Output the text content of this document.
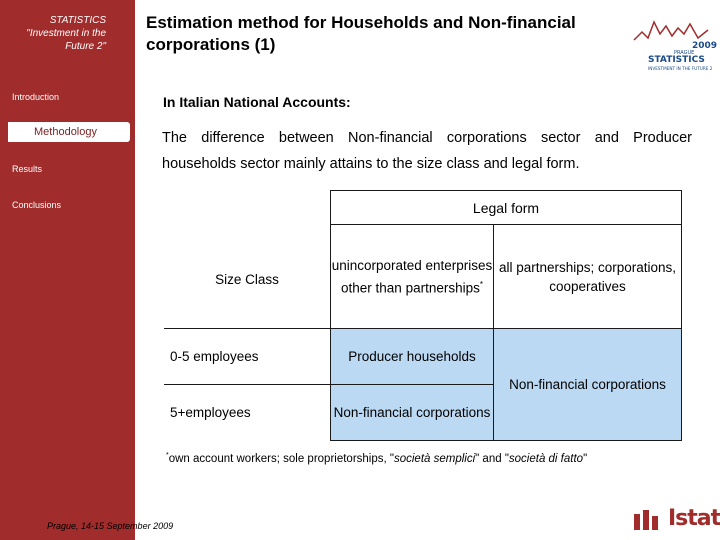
STATISTICS "Investment in the Future 2"
Introduction
Methodology
Results
Conclusions
Estimation method for Households and Non-financial corporations (1)	2009
PRAGUE
STATISTICS
INVESTMENT IN THE FUTURE 2
In Italian National Accounts:
The difference between Non-financial corporations sector and Producer
households sector mainly attains to the size class and legal form.
Size Class	Legal form	
	unincorporated enterprises other than partnerships*	all partnerships; corporations, cooperatives
0-5 employees	Producer households	Non-financial corporations
5+employees	Non-financial corporations	
*own account workers; sole proprietorships, "società semplici" and "società di fatto"
Prague, 14-15 September 2009	Istat
